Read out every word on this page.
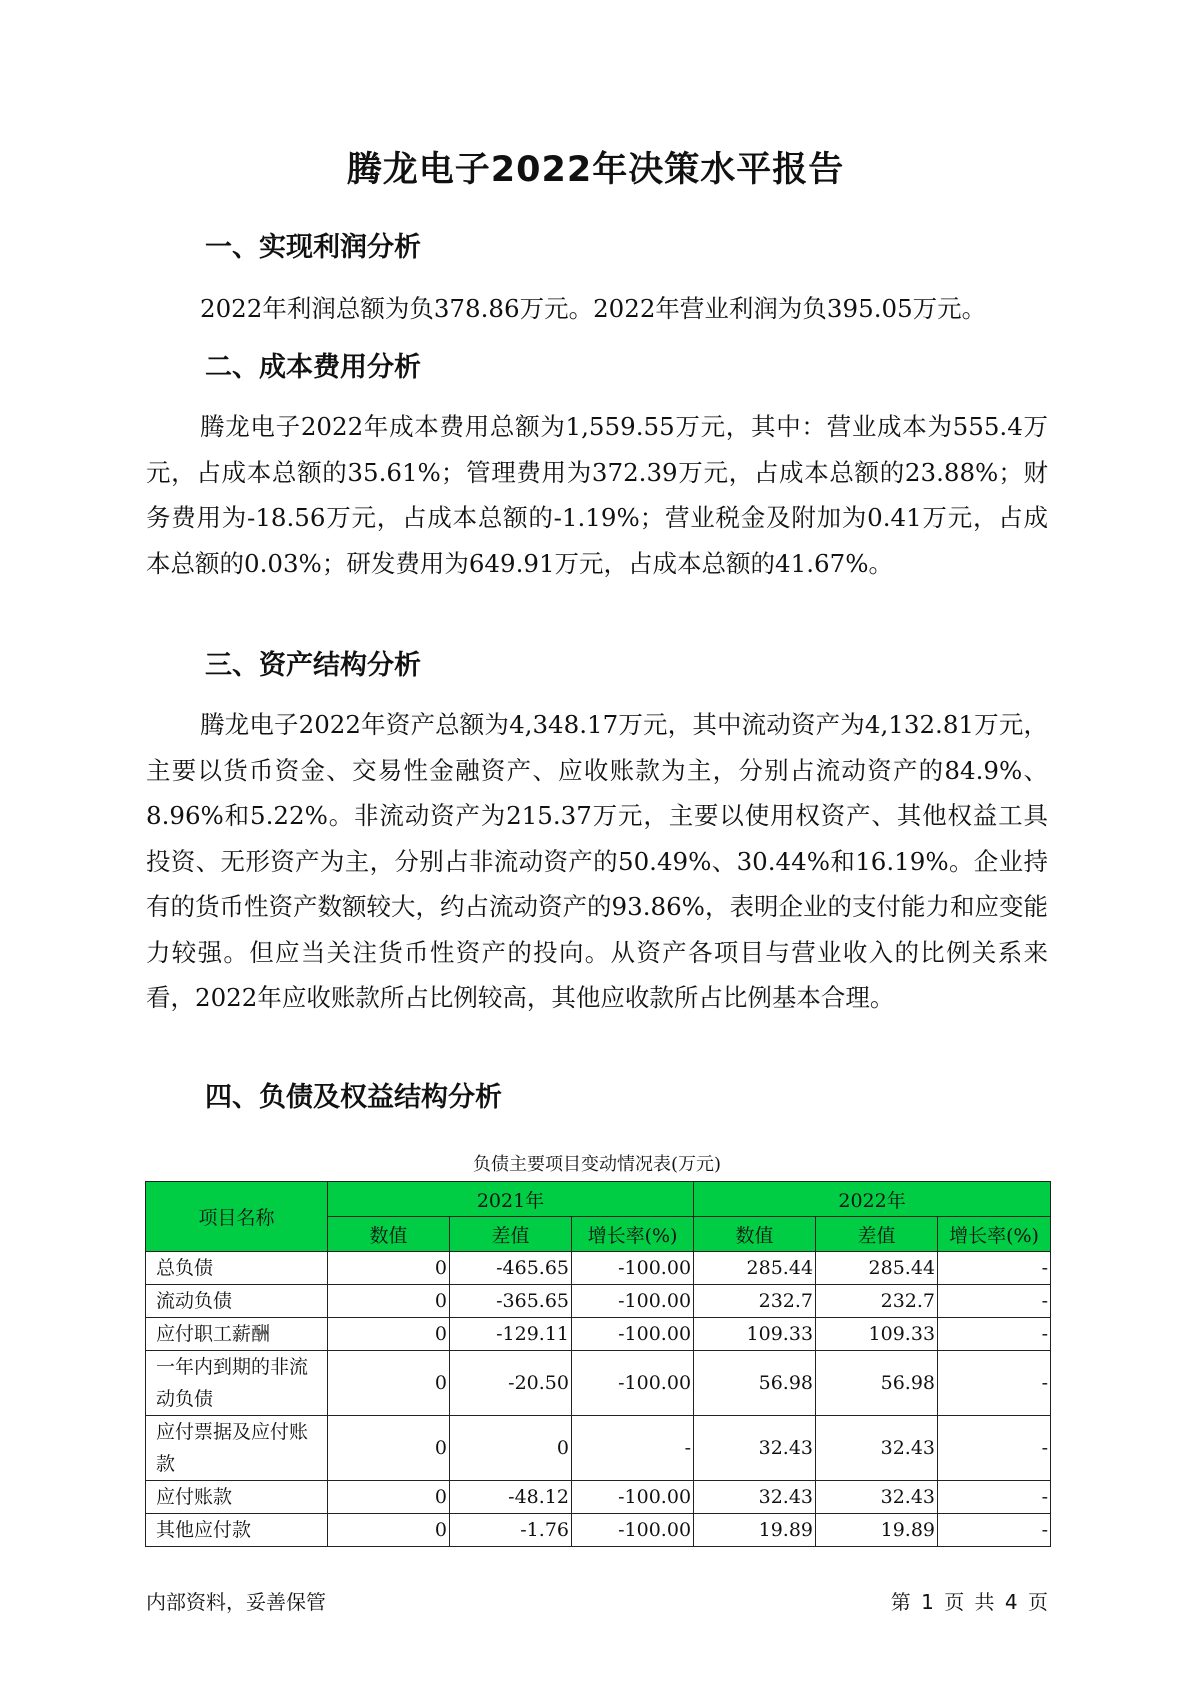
腾龙电子2022年决策水平报告
一、实现利润分析

2022年利润总额为负378.86万元。2022年营业利润为负395.05万元。

二、成本费用分析

腾龙电子2022年成本费用总额为1,559.55万元，其中：营业成本为555.4万元，占成本总额的35.61%；管理费用为372.39万元，占成本总额的23.88%；财务费用为-18.56万元，占成本总额的-1.19%；营业税金及附加为0.41万元，占成本总额的0.03%；研发费用为649.91万元，占成本总额的41.67%。

三、资产结构分析

腾龙电子2022年资产总额为4,348.17万元，其中流动资产为4,132.81万元，主要以货币资金、交易性金融资产、应收账款为主，分别占流动资产的84.9%、8.96%和5.22%。非流动资产为215.37万元，主要以使用权资产、其他权益工具投资、无形资产为主，分别占非流动资产的50.49%、30.44%和16.19%。企业持有的货币性资产数额较大，约占流动资产的93.86%，表明企业的支付能力和应变能力较强。但应当关注货币性资产的投向。从资产各项目与营业收入的比例关系来看，2022年应收账款所占比例较高，其他应收款所占比例基本合理。

四、负债及权益结构分析
负债主要项目变动情况表(万元)
项目名称	2021年			2022年		
	数值	差值	增长率(%)	数值	差值	增长率(%)
总负债	0	-465.65	-100.00	285.44	285.44	-
流动负债	0	-365.65	-100.00	232.7	232.7	-
应付职工薪酬	0	-129.11	-100.00	109.33	109.33	-
一年内到期的非流动负债	0	-20.50	-100.00	56.98	56.98	-
应付票据及应付账款	0	0	-	32.43	32.43	-
应付账款	0	-48.12	-100.00	32.43	32.43	-
其他应付款	0	-1.76	-100.00	19.89	19.89	-
内部资料，妥善保管	第 1 页 共 4 页
